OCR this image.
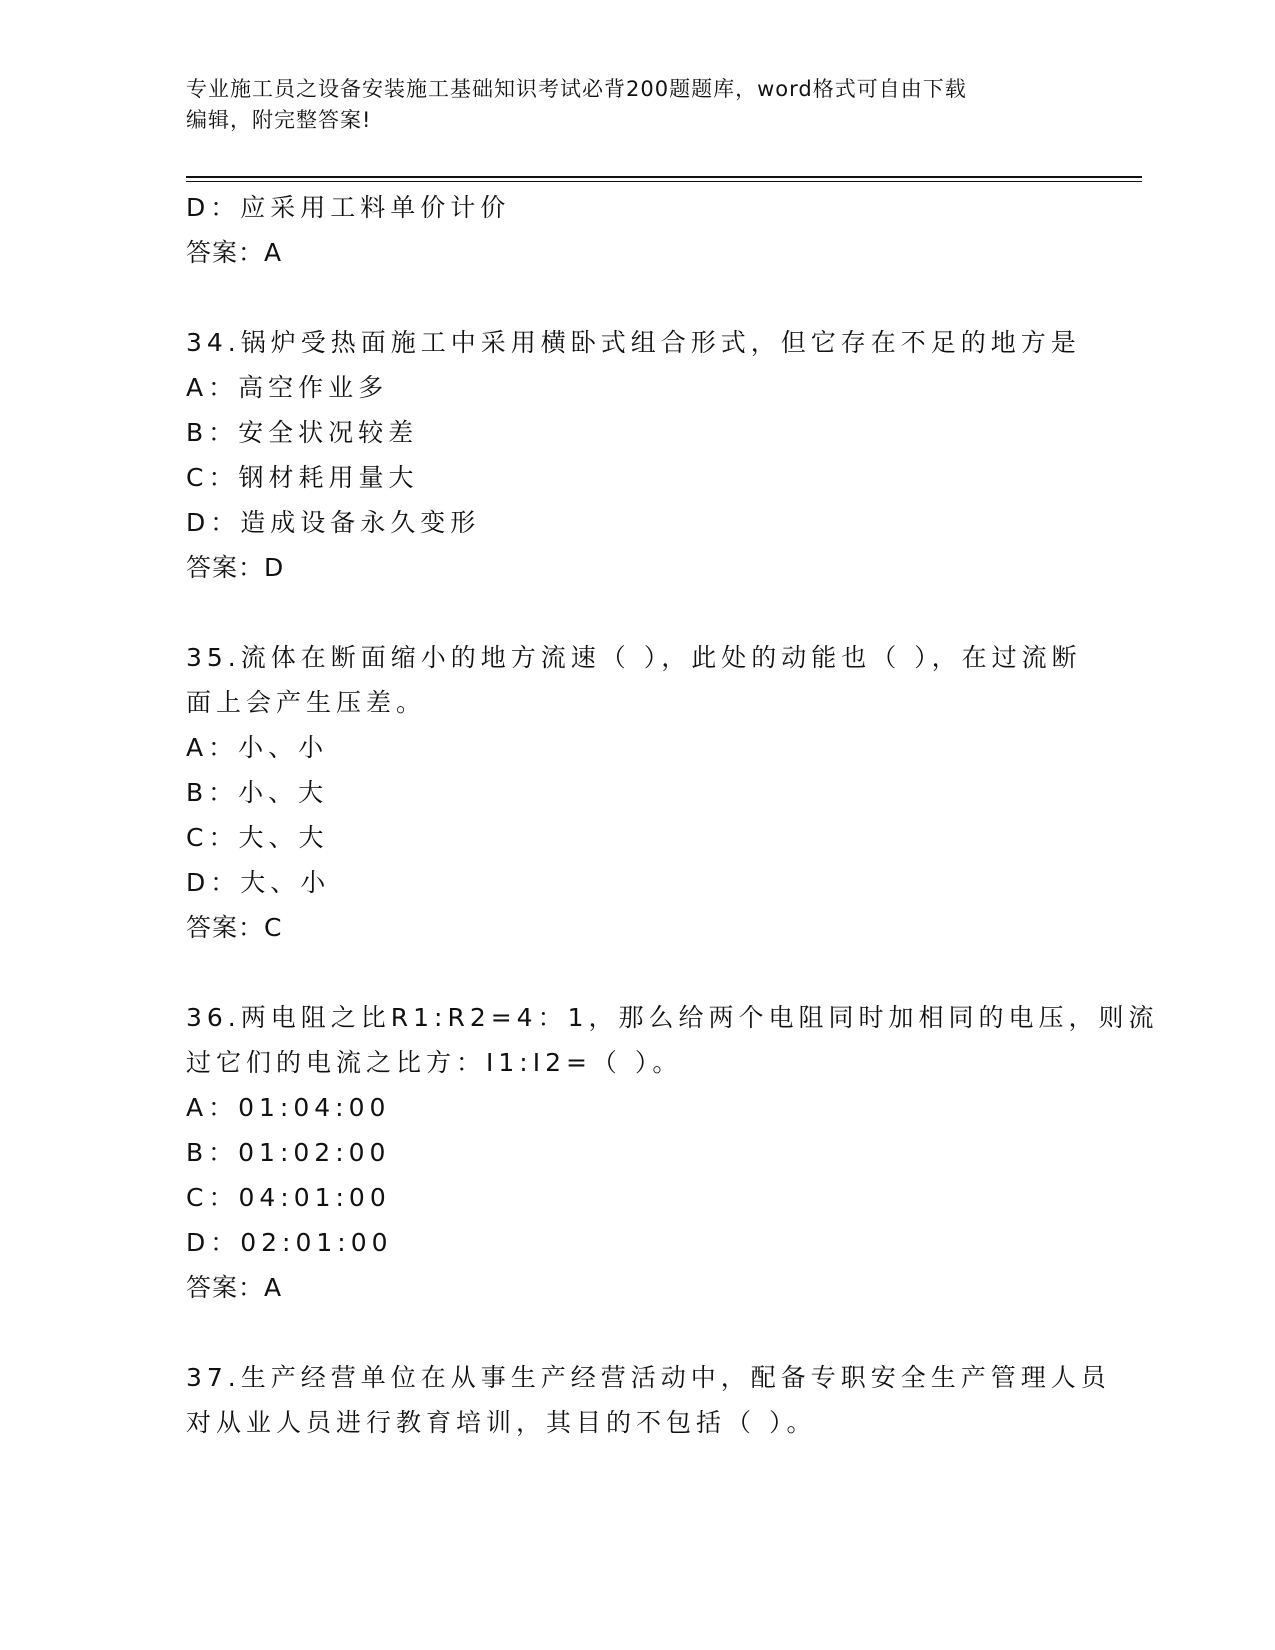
专业施工员之设备安装施工基础知识考试必背200题题库，word格式可自由下载
编辑，附完整答案!
D：应采用工料单价计价
答案：A
34.锅炉受热面施工中采用横卧式组合形式，但它存在不足的地方是
A：高空作业多
B：安全状况较差
C：钢材耗用量大
D：造成设备永久变形
答案：D
35.流体在断面缩小的地方流速（ ），此处的动能也（ ），在过流断
面上会产生压差。
A：小、小
B：小、大
C：大、大
D：大、小
答案：C
36.两电阻之比R1:R2=4：1，那么给两个电阻同时加相同的电压，则流
过它们的电流之比方：I1:I2=（ ）。
A：01:04:00
B：01:02:00
C：04:01:00
D：02:01:00
答案：A
37.生产经营单位在从事生产经营活动中，配备专职安全生产管理人员
对从业人员进行教育培训，其目的不包括（ ）。
